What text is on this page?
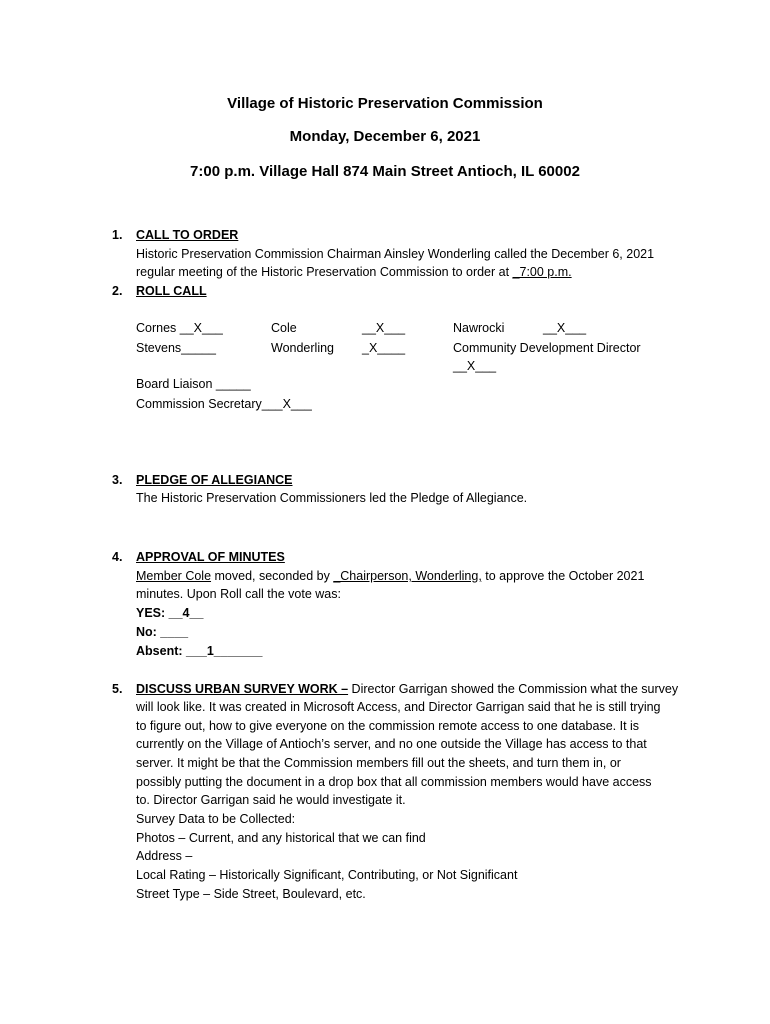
Village of Historic Preservation Commission

Monday, December 6, 2021

7:00 p.m. Village Hall 874 Main Street Antioch, IL 60002

1. CALL TO ORDER
Historic Preservation Commission Chairman Ainsley Wonderling called the December 6, 2021
regular meeting of the Historic Preservation Commission to order at _7:00 p.m.
2. ROLL CALL
Cornes __X___	Cole	__X___	Nawrocki	__X___
Stevens_____	Wonderling _X____	Community Development Director
__X___
Board Liaison _____
Commission Secretary___X___
3. PLEDGE OF ALLEGIANCE
The Historic Preservation Commissioners led the Pledge of Allegiance.
4. APPROVAL OF MINUTES
Member Cole moved, seconded by _Chairperson, Wonderling, to approve the October 2021
minutes. Upon Roll call the vote was:
YES: __4__
No: ____
Absent: ___1_______
5. DISCUSS URBAN SURVEY WORK – Director Garrigan showed the Commission what the survey
will look like. It was created in Microsoft Access, and Director Garrigan said that he is still trying
to figure out, how to give everyone on the commission remote access to one database. It is
currently on the Village of Antioch’s server, and no one outside the Village has access to that
server. It might be that the Commission members fill out the sheets, and turn them in, or
possibly putting the document in a drop box that all commission members would have access
to. Director Garrigan said he would investigate it.
Survey Data to be Collected:
Photos – Current, and any historical that we can find
Address –
Local Rating – Historically Significant, Contributing, or Not Significant
Street Type – Side Street, Boulevard, etc.
